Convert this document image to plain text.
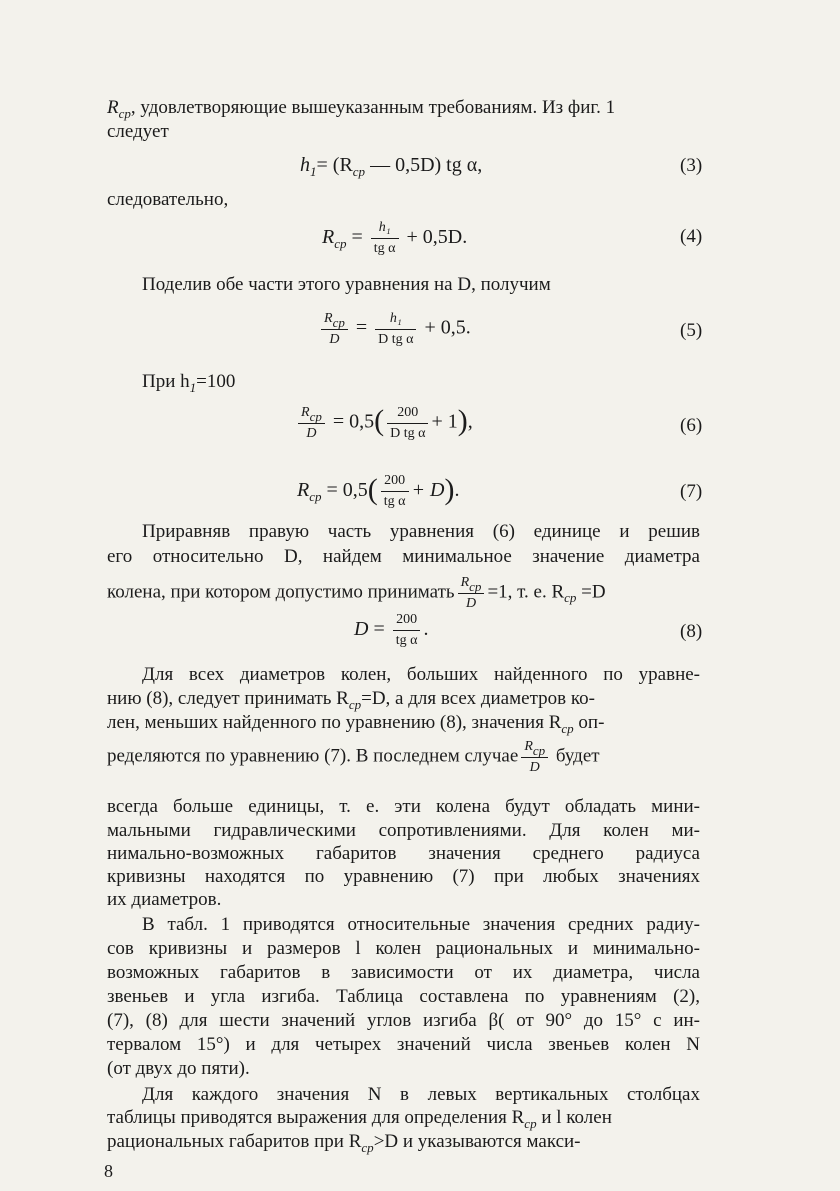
$R_{cp}$, удовлетворяющие вышеуказанным требованиям. Из фиг. 1
следует
$h_1= (R_{cp}$ — 0,5D) tg α,	(3)
следовательно,
$R_{cp} = \frac{\text{h₁}}{\text{tg α}} + 0,5D$.	(4)
Поделив обе части этого уравнения на D, получим
$\frac{\text{Rcp}}{D} = \frac{\text{h₁}}{\text{D tg α}} + 0,5$.	(5)
При $h_1=100$
$\frac{\text{Rcp}}{D} = 0,5( \frac{200}{\text{D tg α}} + 1)$,	(6)
$R_{cp} = 0,5( \frac{200}{\text{tg α}} + D)$.	(7)
Приравняв правую часть уравнения (6) единице и решив
его относительно D, найдем минимальное значение диаметра
колена, при котором допустимо принимать $\frac{\text{Rcp}}{D} =1$, т. е. $R_{cp} =D$
$D = \frac{200}{\text{tg α}}$ .	(8)
Для всех диаметров колен, больших найденного по уравне-
нию (8), следует принимать $R_{cp}=D$, а для всех диаметров ко-
лен, меньших найденного по уравнению (8), значения $R_{cp}$ оп-
ределяются по уравнению (7). В последнем случае $\frac{\text{Rcp}}{D}$ будет
всегда больше единицы, т. е. эти колена будут обладать мини-
мальными гидравлическими сопротивлениями. Для колен ми-
нимально-возможных габаритов значения среднего радиуса
кривизны находятся по уравнению (7) при любых значениях
их диаметров.
В табл. 1 приводятся относительные значения средних радиу-
сов кривизны и размеров l колен рациональных и минимально-
возможных габаритов в зависимости от их диаметра, числа
звеньев и угла изгиба. Таблица составлена по уравнениям (2),
(7), (8) для шести значений углов изгиба β( от 90° до 15° с ин-
тервалом 15°) и для четырех значений числа звеньев колен N
(от двух до пяти).
Для каждого значения N в левых вертикальных столбцах
таблицы приводятся выражения для определения $R_{cp}$ и l колен
рациональных габаритов при $R_{cp}>D$ и указываются макси-
8
